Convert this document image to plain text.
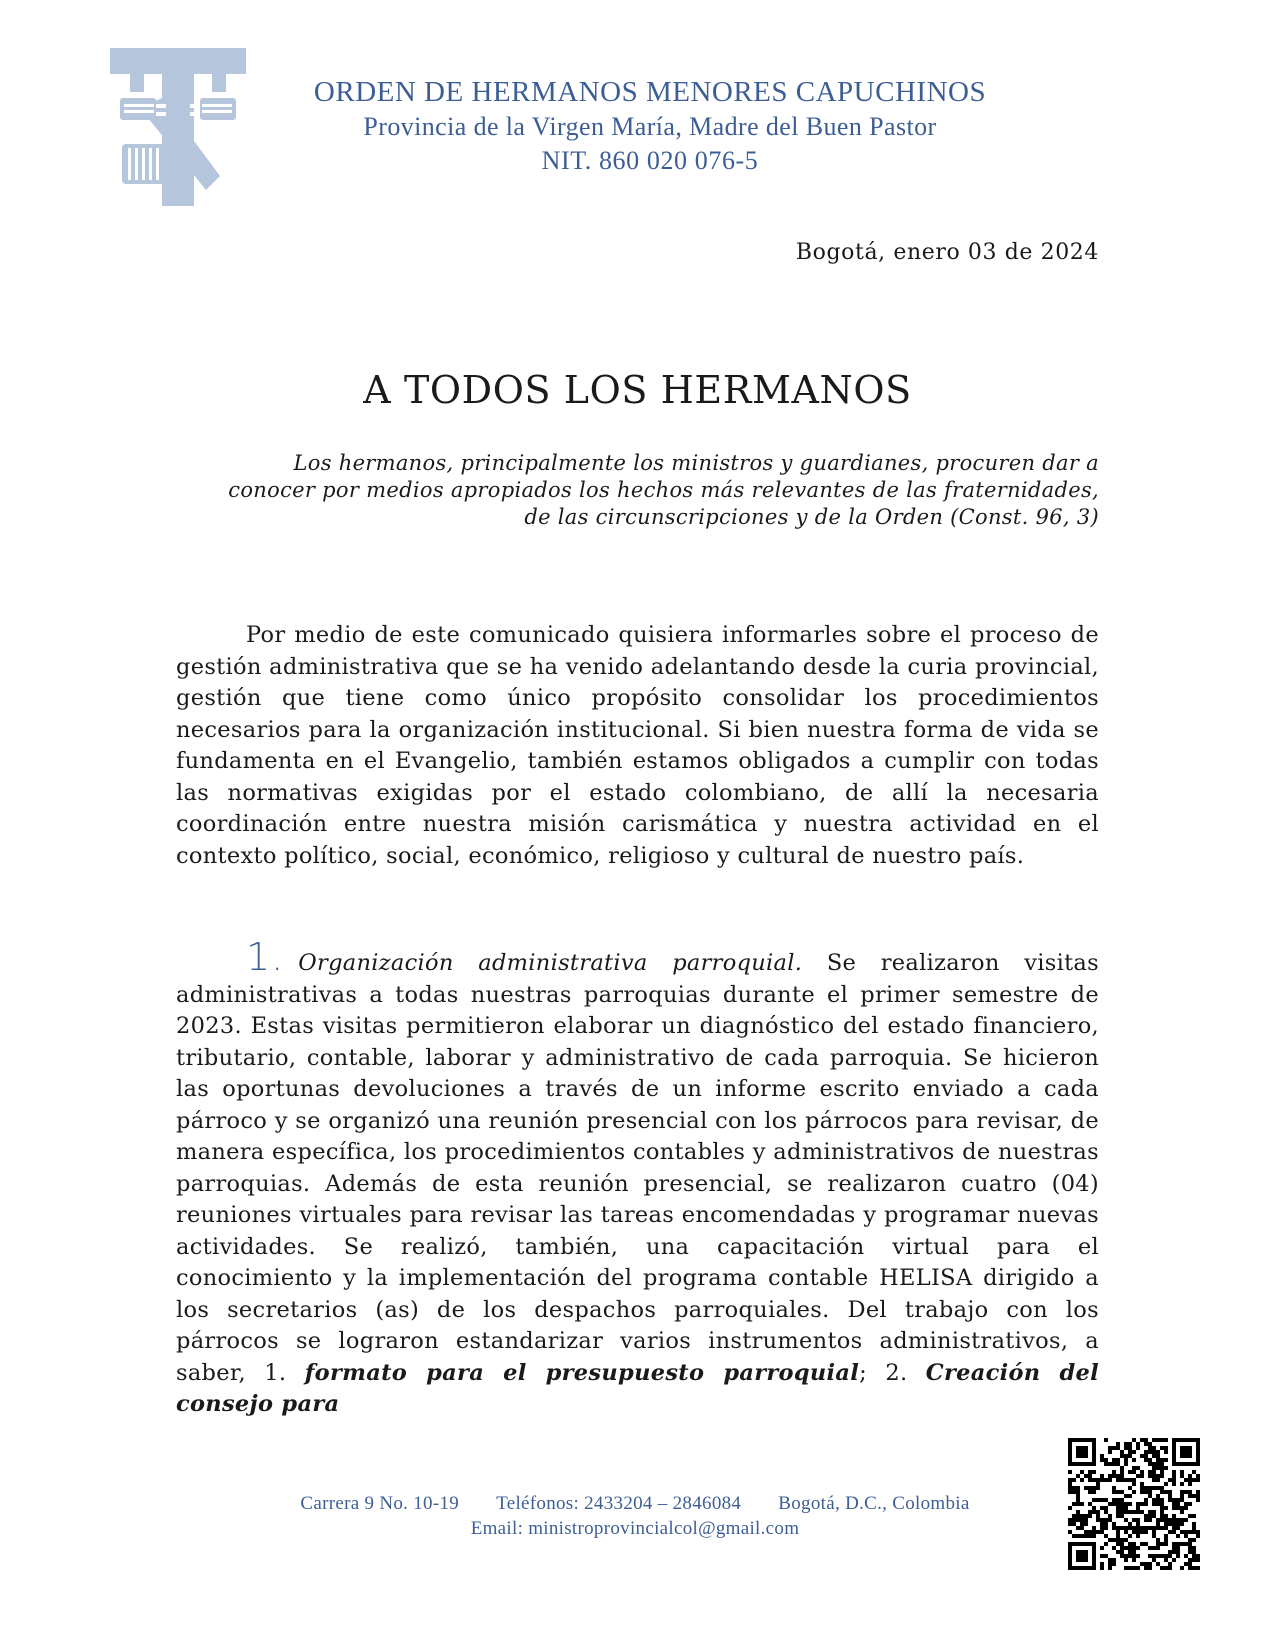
ORDEN DE HERMANOS MENORES CAPUCHINOS
Provincia de la Virgen María, Madre del Buen Pastor
NIT. 860 020 076-5
Bogotá, enero 03 de 2024
A TODOS LOS HERMANOS
Los hermanos, principalmente los ministros y guardianes, procuren dar a
conocer por medios apropiados los hechos más relevantes de las fraternidades,
de las circunscripciones y de la Orden (Const. 96, 3)

Por medio de este comunicado quisiera informarles sobre el proceso de gestión administrativa que se ha venido adelantando desde la curia provincial, gestión que tiene como único propósito consolidar los procedimientos necesarios para la organización institucional. Si bien nuestra forma de vida se fundamenta en el Evangelio, también estamos obligados a cumplir con todas las normativas exigidas por el estado colombiano, de allí la necesaria coordinación entre nuestra misión carismática y nuestra actividad en el contexto político, social, económico, religioso y cultural de nuestro país.

1. Organización administrativa parroquial. Se realizaron visitas administrativas a todas nuestras parroquias durante el primer semestre de 2023. Estas visitas permitieron elaborar un diagnóstico del estado financiero, tributario, contable, laborar y administrativo de cada parroquia. Se hicieron las oportunas devoluciones a través de un informe escrito enviado a cada párroco y se organizó una reunión presencial con los párrocos para revisar, de manera específica, los procedimientos contables y administrativos de nuestras parroquias. Además de esta reunión presencial, se realizaron cuatro (04) reuniones virtuales para revisar las tareas encomendadas y programar nuevas actividades. Se realizó, también, una capacitación virtual para el conocimiento y la implementación del programa contable HELISA dirigido a los secretarios (as) de los despachos parroquiales. Del trabajo con los párrocos se lograron estandarizar varios instrumentos administrativos, a saber, 1. formato para el presupuesto parroquial; 2. Creación del consejo para

Carrera 9 No. 10-19 Teléfonos: 2433204 – 2846084 Bogotá, D.C., Colombia
Email: ministroprovincialcol@gmail.com
